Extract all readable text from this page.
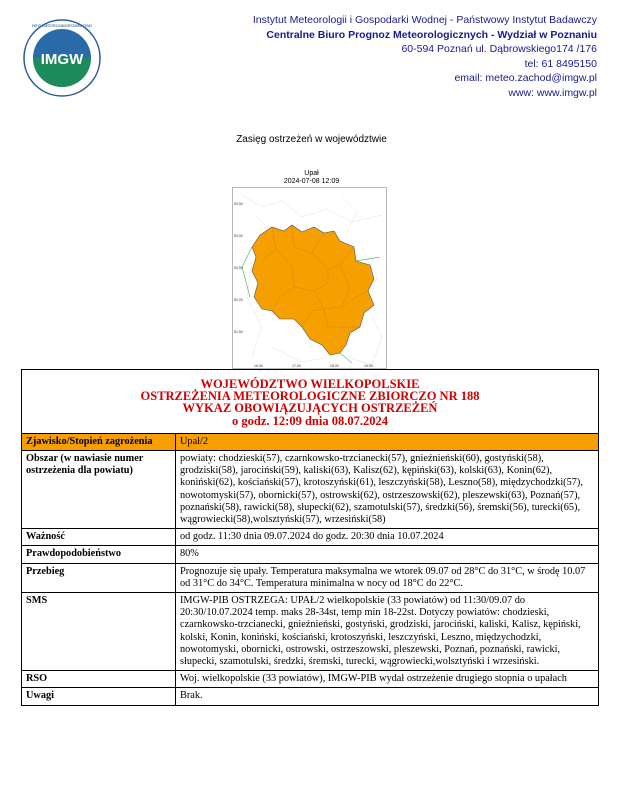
IMGW
INSTYTUT METEOROLOGII I GOSPODARKI WODNEJ	Instytut Meteorologii i Gospodarki Wodnej - Państwowy Instytut Badawczy
Centralne Biuro Prognoz Meteorologicznych - Wydział w Poznaniu
60-594 Poznań ul. Dąbrowskiego174 /176
tel: 61 8495150
email: meteo.zachod@imgw.pl
www: www.imgw.pl
Zasięg ostrzeżeń w województwie
Upał
2024-07-08 12:09
53.50
53.00
52.50
52.00
51.50
16.00	17.00	18.00	19.00
WOJEWÓDZTWO WIELKOPOLSKIE
OSTRZEŻENIA METEOROLOGICZNE ZBIORCZO NR 188
WYKAZ OBOWIĄZUJĄCYCH OSTRZEŻEŃ
o godz. 12:09 dnia 08.07.2024	

Zjawisko/Stopień zagrożenia	Upał/2
Obszar (w nawiasie numer ostrzeżenia dla powiatu)	powiaty: chodzieski(57), czarnkowsko-trzcianecki(57), gnieźnieński(60), gostyński(58), grodziski(58), jarociński(59), kaliski(63), Kalisz(62), kępiński(63), kolski(63), Konin(62), koniński(62), kościański(57), krotoszyński(61), leszczyński(58), Leszno(58), międzychodzki(57), nowotomyski(57), obornicki(57), ostrowski(62), ostrzeszowski(62), pleszewski(63), Poznań(57), poznański(58), rawicki(58), słupecki(62), szamotulski(57), średzki(56), śremski(56), turecki(65), wągrowiecki(58),wolsztyński(57), wrzesiński(58)
Ważność	od godz. 11:30 dnia 09.07.2024 do godz. 20:30 dnia 10.07.2024
Prawdopodobieństwo	80%
Przebieg	Prognozuje się upały. Temperatura maksymalna we wtorek 09.07 od 28°C do 31°C, w środę 10.07 od 31°C do 34°C. Temperatura minimalna w nocy od 18°C do 22°C.
SMS	IMGW-PIB OSTRZEGA: UPAŁ/2 wielkopolskie (33 powiatów) od 11:30/09.07 do 20:30/10.07.2024 temp. maks 28-34st, temp min 18-22st. Dotyczy powiatów: chodzieski, czarnkowsko-trzcianecki, gnieźnieński, gostyński, grodziski, jarociński, kaliski, Kalisz, kępiński, kolski, Konin, koniński, kościański, krotoszyński, leszczyński, Leszno, międzychodzki, nowotomyski, obornicki, ostrowski, ostrzeszowski, pleszewski, Poznań, poznański, rawicki, słupecki, szamotulski, średzki, śremski, turecki, wągrowiecki,wolsztyński i wrzesiński.
RSO	Woj. wielkopolskie (33 powiatów), IMGW-PIB wydał ostrzeżenie drugiego stopnia o upałach
Uwagi	Brak.
